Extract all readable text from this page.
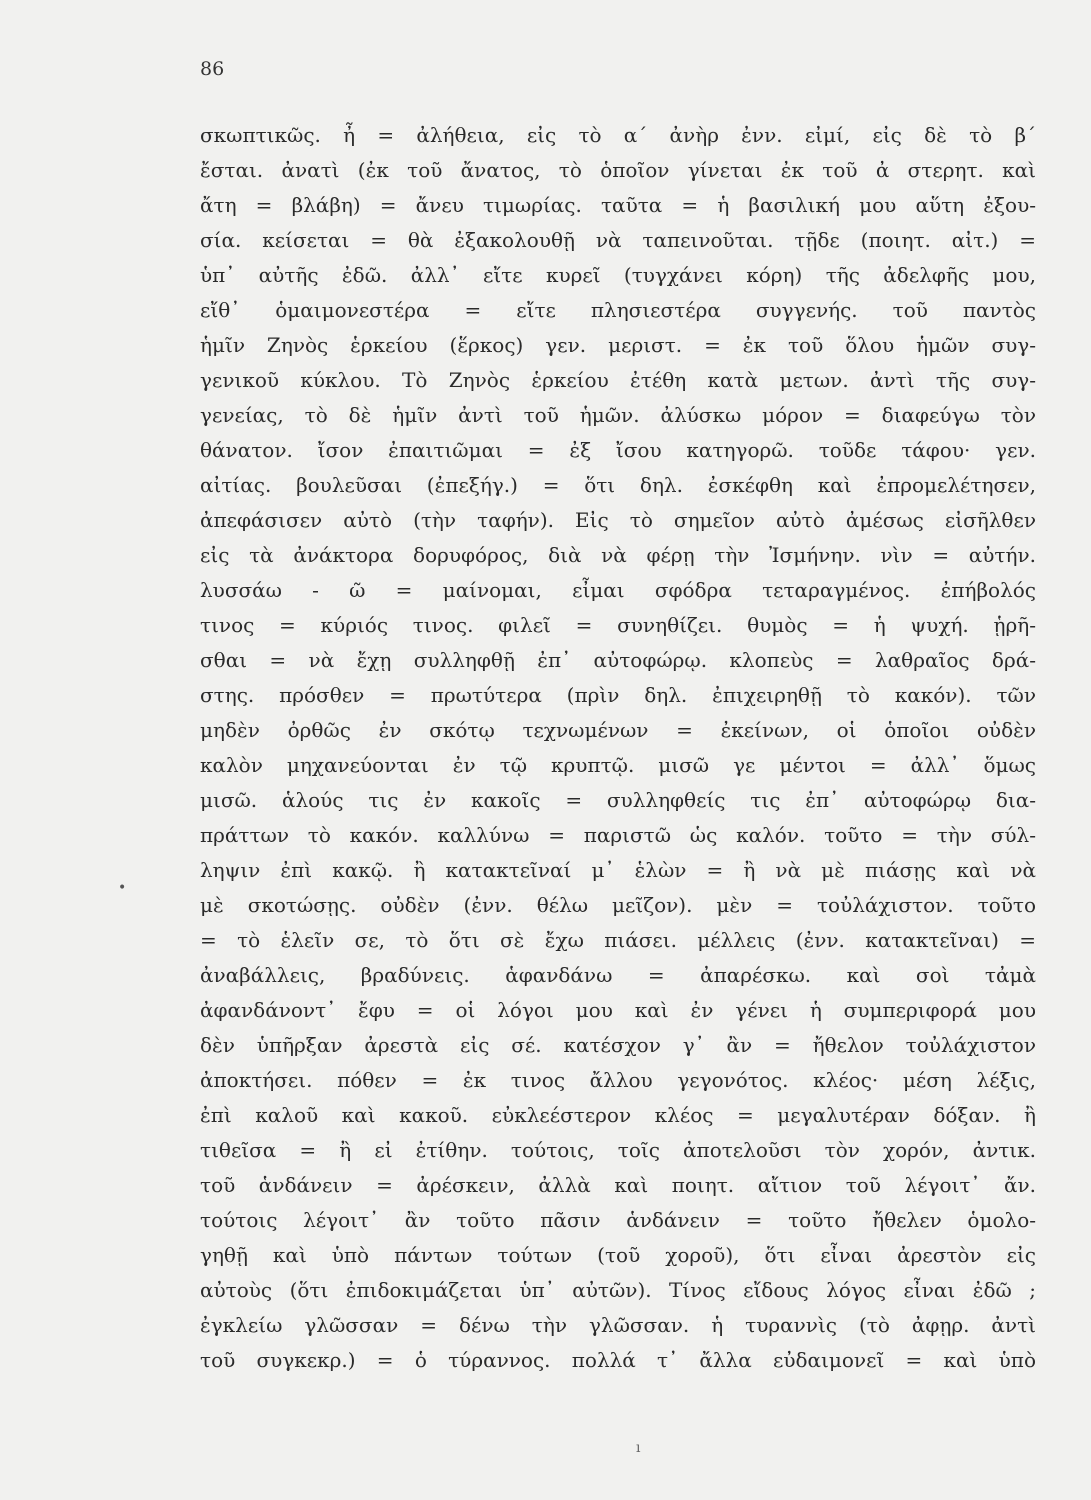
86
σκωπτικῶς. ἦ = ἀλήθεια, εἰς τὸ α΄ ἀνὴρ ἐνν. εἰμί, εἰς δὲ τὸ β΄
ἔσται. ἀνατὶ (ἐκ τοῦ ἄνατος, τὸ ὁποῖον γίνεται ἐκ τοῦ ἀ στερητ. καὶ
ἄτη = βλάβη) = ἄνευ τιμωρίας. ταῦτα = ἡ βασιλική μου αὕτη ἐξου-
σία. κείσεται = θὰ ἐξακολουθῇ νὰ ταπεινοῦται. τῇδε (ποιητ. αἰτ.) =
ὑπ᾿ αὐτῆς ἐδῶ. ἀλλ᾿ εἴτε κυρεῖ (τυγχάνει κόρη) τῆς ἀδελφῆς μου,
εἴθ᾿ ὁμαιμονεστέρα = εἴτε πλησιεστέρα συγγενής. τοῦ παντὸς
ἡμῖν Ζηνὸς ἑρκείου (ἕρκος) γεν. μεριστ. = ἐκ τοῦ ὅλου ἡμῶν συγ-
γενικοῦ κύκλου. Τὸ Ζηνὸς ἑρκείου ἐτέθη κατὰ μετων. ἀντὶ τῆς συγ-
γενείας, τὸ δὲ ἡμῖν ἀντὶ τοῦ ἡμῶν. ἀλύσκω μόρον = διαφεύγω τὸν
θάνατον. ἴσον ἐπαιτιῶμαι = ἐξ ἴσου κατηγορῶ. τοῦδε τάφου· γεν.
αἰτίας. βουλεῦσαι (ἐπεξήγ.) = ὅτι δηλ. ἐσκέφθη καὶ ἐπρομελέτησεν,
ἀπεφάσισεν αὐτὸ (τὴν ταφήν). Εἰς τὸ σημεῖον αὐτὸ ἀμέσως εἰσῆλθεν
εἰς τὰ ἀνάκτορα δορυφόρος, διὰ νὰ φέρῃ τὴν Ἰσμήνην. νὶν = αὐτήν.
λυσσάω - ῶ = μαίνομαι, εἶμαι σφόδρα τεταραγμένος. ἐπήβολός
τινος = κύριός τινος. φιλεῖ = συνηθίζει. θυμὸς = ἡ ψυχή. ᾑρῆ-
σθαι = νὰ ἔχῃ συλληφθῇ ἐπ᾿ αὐτοφώρῳ. κλοπεὺς = λαθραῖος δρά-
στης. πρόσθεν = πρωτύτερα (πρὶν δηλ. ἐπιχειρηθῇ τὸ κακόν). τῶν
μηδὲν ὀρθῶς ἐν σκότῳ τεχνωμένων = ἐκείνων, οἱ ὁποῖοι οὐδὲν
καλὸν μηχανεύονται ἐν τῷ κρυπτῷ. μισῶ γε μέντοι = ἀλλ᾿ ὅμως
μισῶ. ἁλούς τις ἐν κακοῖς = συλληφθείς τις ἐπ᾿ αὐτοφώρῳ δια-
πράττων τὸ κακόν. καλλύνω = παριστῶ ὡς καλόν. τοῦτο = τὴν σύλ-
ληψιν ἐπὶ κακῷ. ἢ κατακτεῖναί μ᾿ ἑλὼν = ἢ νὰ μὲ πιάσῃς καὶ νὰ
μὲ σκοτώσῃς. οὐδὲν (ἐνν. θέλω μεῖζον). μὲν = τοὐλάχιστον. τοῦτο
= τὸ ἑλεῖν σε, τὸ ὅτι σὲ ἔχω πιάσει. μέλλεις (ἐνν. κατακτεῖναι) =
ἀναβάλλεις, βραδύνεις. ἁφανδάνω = ἀπαρέσκω. καὶ σοὶ τἀμὰ
ἀφανδάνοντ᾿ ἔφυ = οἱ λόγοι μου καὶ ἐν γένει ἡ συμπεριφορά μου
δὲν ὑπῆρξαν ἀρεστὰ εἰς σέ. κατέσχον γ᾿ ἂν = ἤθελον τοὐλάχιστον
ἀποκτήσει. πόθεν = ἐκ τινος ἄλλου γεγονότος. κλέος· μέση λέξις,
ἐπὶ καλοῦ καὶ κακοῦ. εὐκλεέστερον κλέος = μεγαλυτέραν δόξαν. ἢ
τιθεῖσα = ἢ εἰ ἐτίθην. τούτοις, τοῖς ἀποτελοῦσι τὸν χορόν, ἀντικ.
τοῦ ἁνδάνειν = ἀρέσκειν, ἀλλὰ καὶ ποιητ. αἴτιον τοῦ λέγοιτ᾿ ἄν.
τούτοις λέγοιτ᾿ ἂν τοῦτο πᾶσιν ἁνδάνειν = τοῦτο ἤθελεν ὁμολο-
γηθῇ καὶ ὑπὸ πάντων τούτων (τοῦ χοροῦ), ὅτι εἶναι ἀρεστὸν εἰς
αὐτοὺς (ὅτι ἐπιδοκιμάζεται ὑπ᾿ αὐτῶν). Τίνος εἴδους λόγος εἶναι ἐδῶ ;
ἐγκλείω γλῶσσαν = δένω τὴν γλῶσσαν. ἡ τυραννὶς (τὸ ἀφῃρ. ἀντὶ
τοῦ συγκεκρ.) = ὁ τύραννος. πολλά τ᾿ ἄλλα εὐδαιμονεῖ = καὶ ὑπὸ
•
ı
